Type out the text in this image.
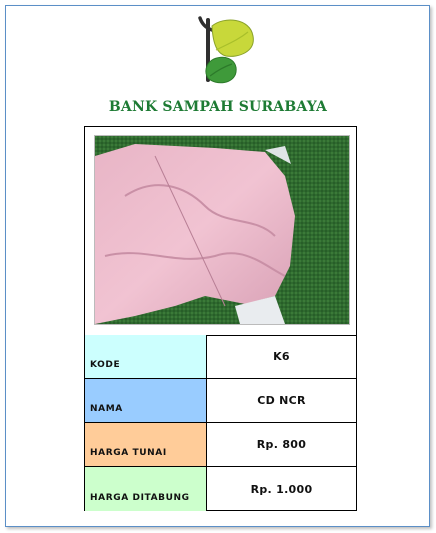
BANK SAMPAH SURABAYA
KODE
K6
NAMA
CD NCR
HARGA TUNAI
Rp. 800
HARGA DITABUNG
Rp. 1.000
